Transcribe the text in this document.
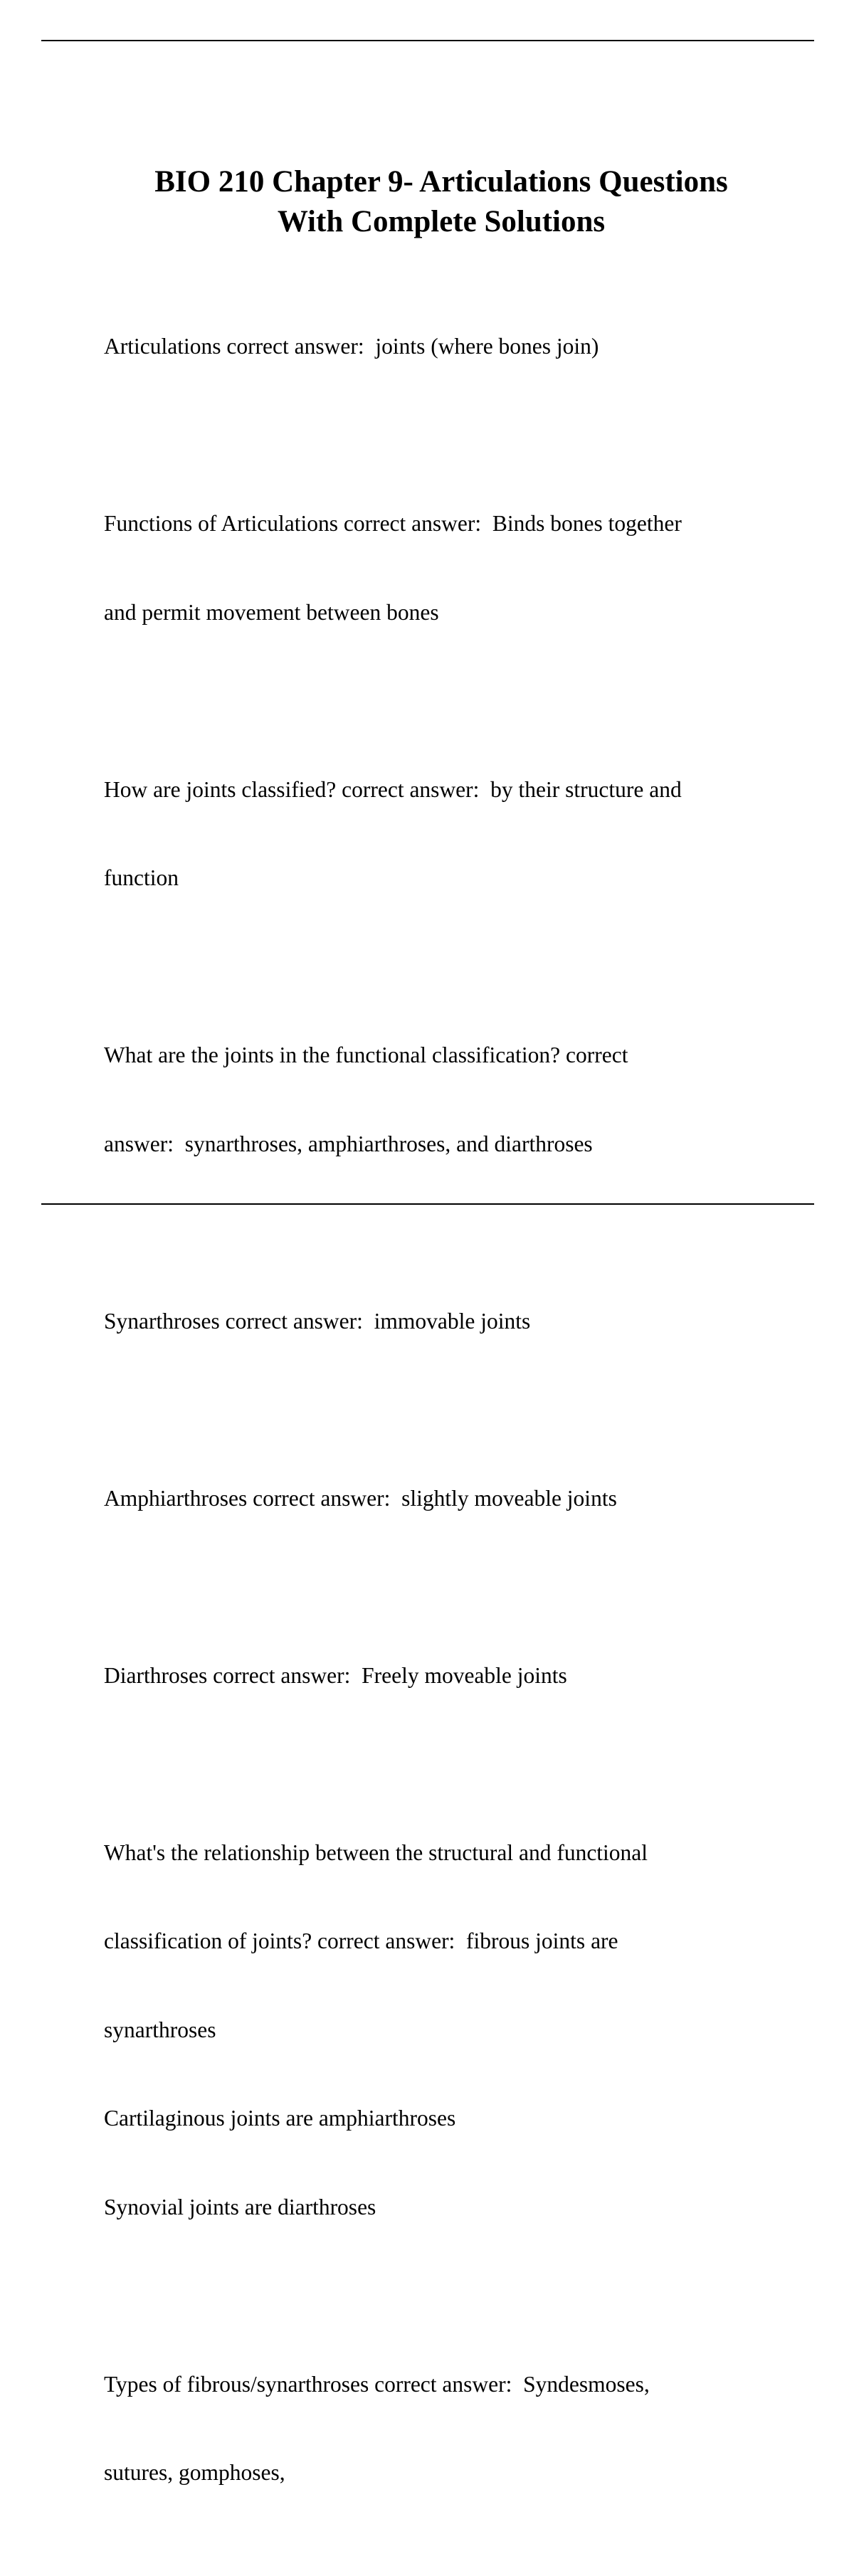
BIO 210 Chapter 9- Articulations Questions
With Complete Solutions

Articulations correct answer:  joints (where bones join)

Functions of Articulations correct answer:  Binds bones together

and permit movement between bones

How are joints classified? correct answer:  by their structure and

function

What are the joints in the functional classification? correct

answer:  synarthroses, amphiarthroses, and diarthroses

Synarthroses correct answer:  immovable joints

Amphiarthroses correct answer:  slightly moveable joints

Diarthroses correct answer:  Freely moveable joints

What's the relationship between the structural and functional

classification of joints? correct answer:  fibrous joints are

synarthroses

Cartilaginous joints are amphiarthroses

Synovial joints are diarthroses

Types of fibrous/synarthroses correct answer:  Syndesmoses,

sutures, gomphoses,
